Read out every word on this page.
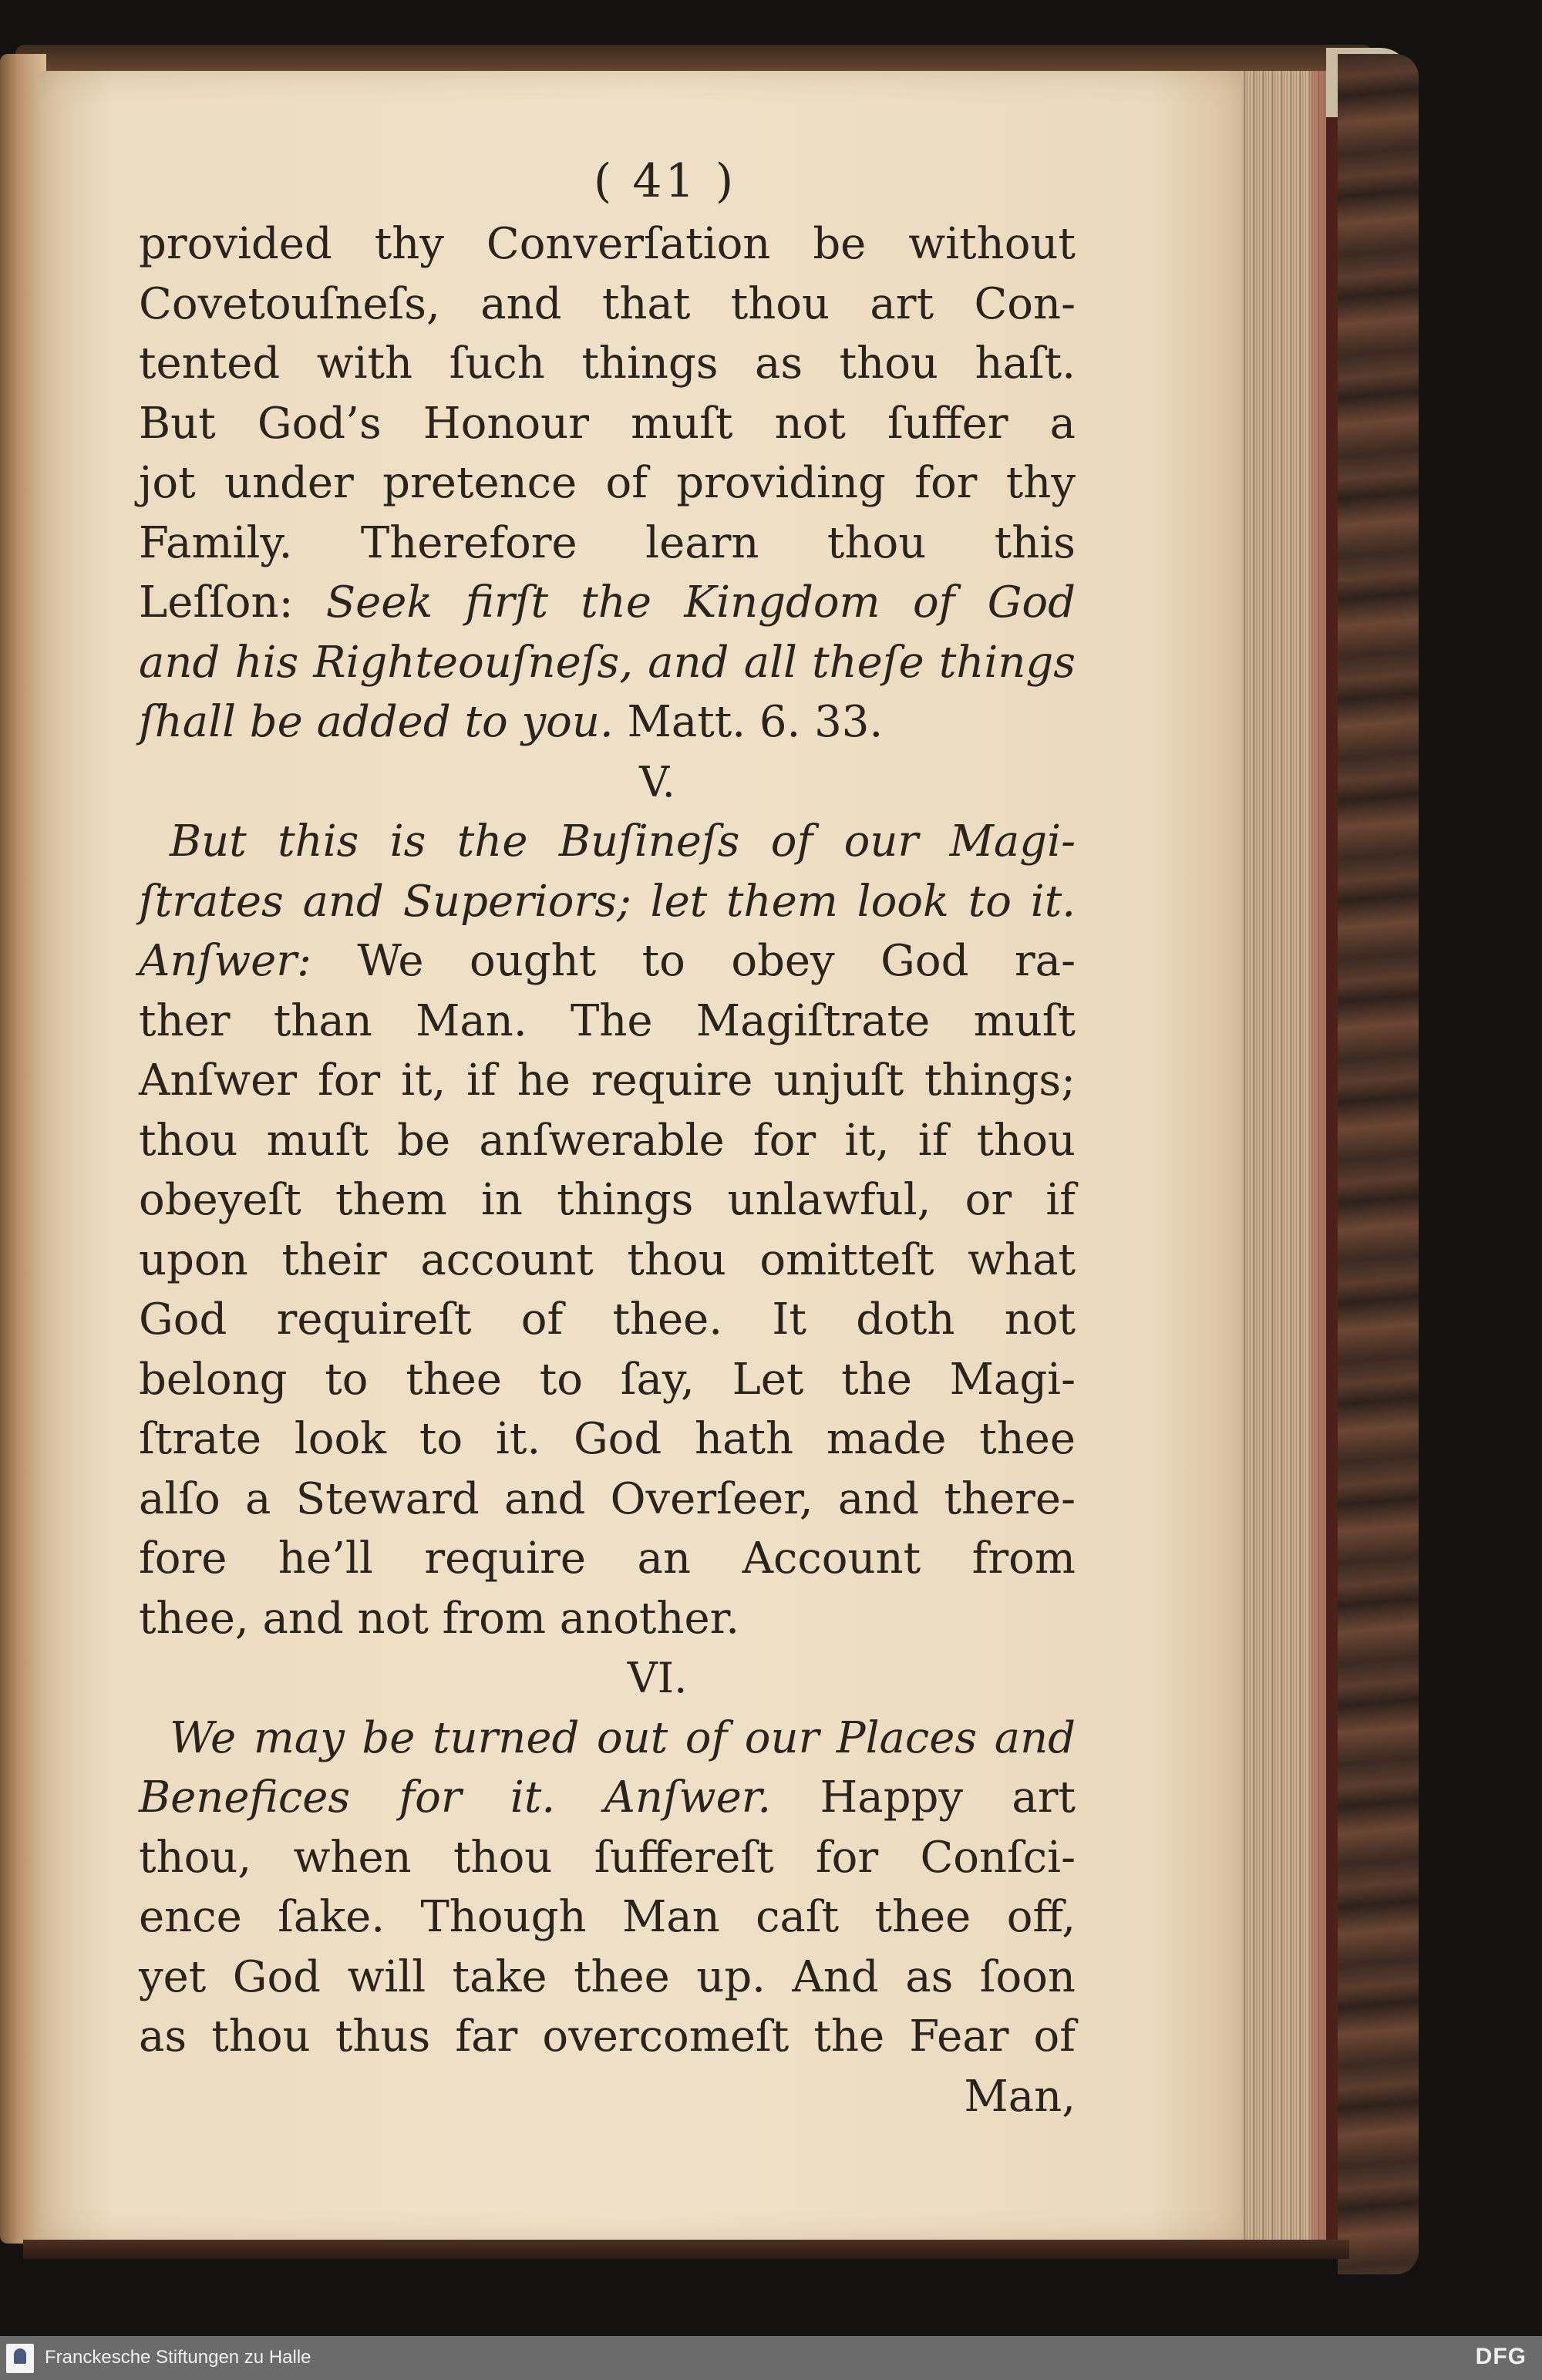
( 41 )
provided thy Converſation be without
Covetouſneſs, and that thou art Con-
tented with ſuch things as thou haſt.
But God’s Honour muſt not ſuffer a
jot under pretence of providing for thy
Family. Therefore learn thou this
Leſſon: Seek firſt the Kingdom of God
and his Righteouſneſs, and all theſe things
ſhall be added to you. Matt. 6. 33.
V.
But this is the Buſineſs of our Magi-
ſtrates and Superiors; let them look to it.
Anſwer: We ought to obey God ra-
ther than Man. The Magiſtrate muſt
Anſwer for it, if he require unjuſt things;
thou muſt be anſwerable for it, if thou
obeyeſt them in things unlawful, or if
upon their account thou omitteſt what
God requireſt of thee. It doth not
belong to thee to ſay, Let the Magi-
ſtrate look to it. God hath made thee
alſo a Steward and Overſeer, and there-
fore he’ll require an Account from
thee, and not from another.
VI.
We may be turned out of our Places and
Benefices for it. Anſwer. Happy art
thou, when thou ſuffereſt for Conſci-
ence ſake. Though Man caſt thee off,
yet God will take thee up. And as ſoon
as thou thus far overcomeſt the Fear of
Man,
Franckesche Stiftungen zu Halle	DFG
